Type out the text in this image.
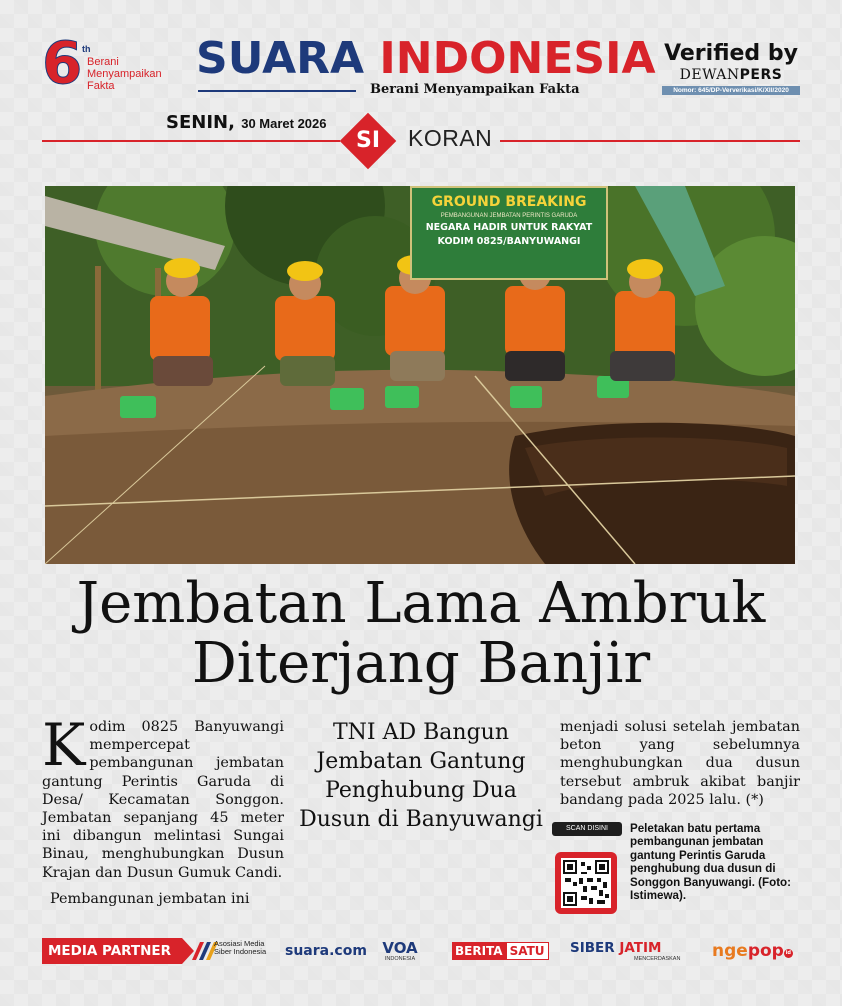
6 th
Berani
Menyampaikan
Fakta
SUARA INDONESIA
Berani Menyampaikan Fakta
Verified by
DEWANPERS
Nomor: 645/DP-Ververikasi/K/XII/2020
SENIN, 30 Maret 2026
SI	KORAN
GROUND BREAKING
PEMBANGUNAN JEMBATAN PERINTIS GARUDA
NEGARA HADIR UNTUK RAKYAT
KODIM 0825/BANYUWANGI
Jembatan Lama Ambruk
Diterjang Banjir

K odim 0825 Banyuwangi mempercepat pembangunan jembatan gantung Perintis Garuda di Desa/ Kecamatan Songgon. Jembatan sepanjang 45 meter ini dibangun melintasi Sungai Binau, menghubungkan Dusun Krajan dan Dusun Gumuk Candi.

Pembangunan jembatan ini

TNI AD Bangun Jembatan Gantung Penghubung Dua Dusun di Banyuwangi
menjadi solusi setelah jembatan beton yang sebelumnya menghubungkan dua dusun tersebut ambruk akibat banjir bandang pada 2025 lalu. (*)
SCAN DISINI	Peletakan batu pertama pembangunan jembatan gantung Perintis Garuda penghubung dua dusun di Songgon Banyuwangi. (Foto: Istimewa).
MEDIA PARTNER	Asosiasi Media Siber Indonesia	suara.com VOA
INDONESIA
BERITA SATU SIBER JATIM
MENCERDASKAN ngepop id
